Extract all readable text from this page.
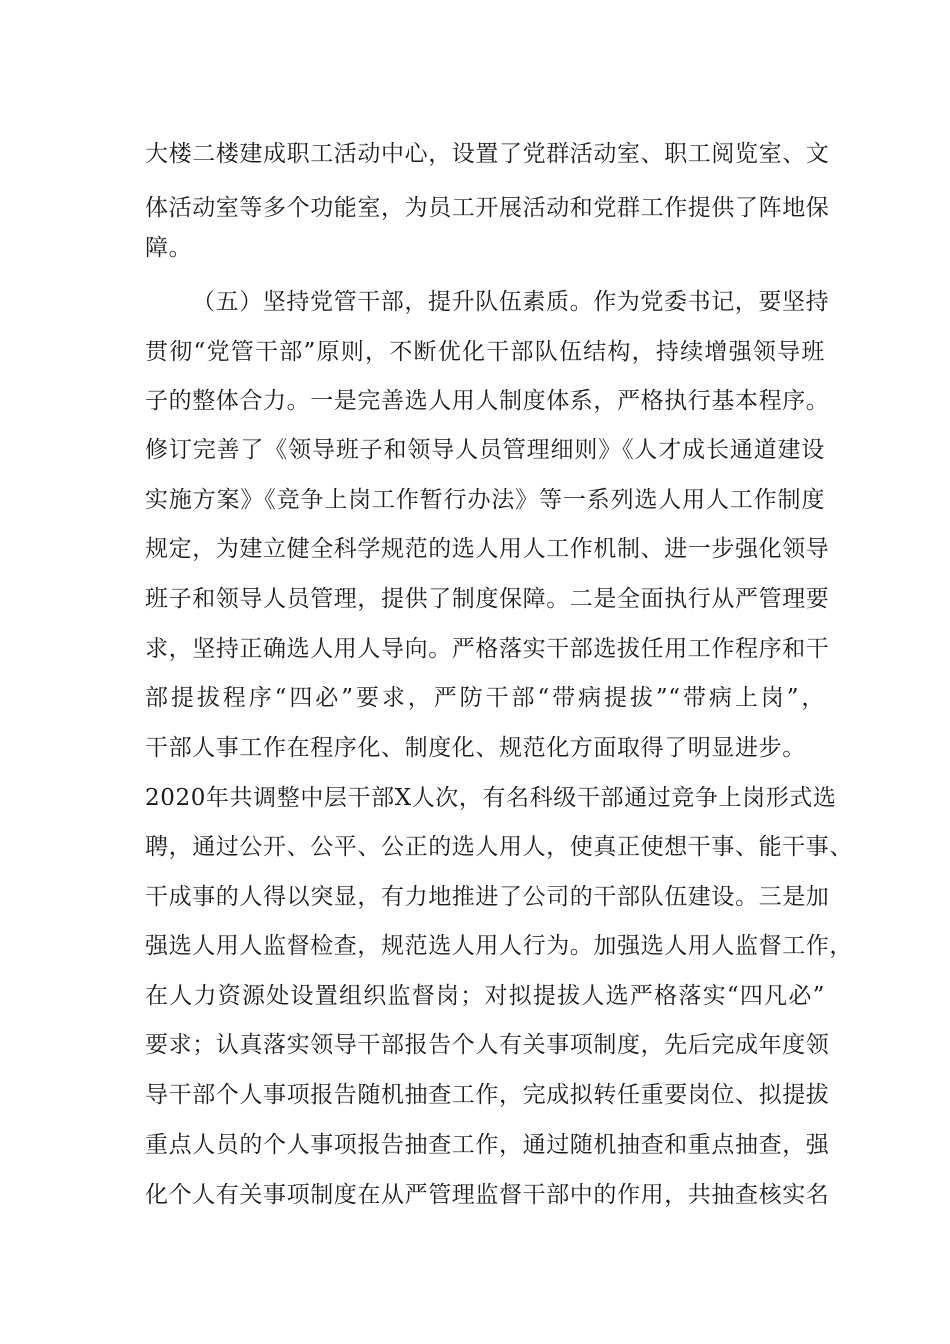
大楼二楼建成职工活动中心，设置了党群活动室、职工阅览室、文
体活动室等多个功能室，为员工开展活动和党群工作提供了阵地保
障。
（五）坚持党管干部，提升队伍素质。作为党委书记，要坚持
贯彻“党管干部”原则，不断优化干部队伍结构，持续增强领导班
子的整体合力。一是完善选人用人制度体系，严格执行基本程序。
修订完善了《领导班子和领导人员管理细则》《人才成长通道建设
实施方案》《竞争上岗工作暂行办法》等一系列选人用人工作制度
规定，为建立健全科学规范的选人用人工作机制、进一步强化领导
班子和领导人员管理，提供了制度保障。二是全面执行从严管理要
求，坚持正确选人用人导向。严格落实干部选拔任用工作程序和干
部提拔程序“四必”要求，严防干部“带病提拔”“带病上岗”，
干部人事工作在程序化、制度化、规范化方面取得了明显进步。
2020年共调整中层干部X人次，有名科级干部通过竞争上岗形式选
聘，通过公开、公平、公正的选人用人，使真正使想干事、能干事、
干成事的人得以突显，有力地推进了公司的干部队伍建设。三是加
强选人用人监督检查，规范选人用人行为。加强选人用人监督工作，
在人力资源处设置组织监督岗；对拟提拔人选严格落实“四凡必”
要求；认真落实领导干部报告个人有关事项制度，先后完成年度领
导干部个人事项报告随机抽查工作，完成拟转任重要岗位、拟提拔
重点人员的个人事项报告抽查工作，通过随机抽查和重点抽查，强
化个人有关事项制度在从严管理监督干部中的作用，共抽查核实名
